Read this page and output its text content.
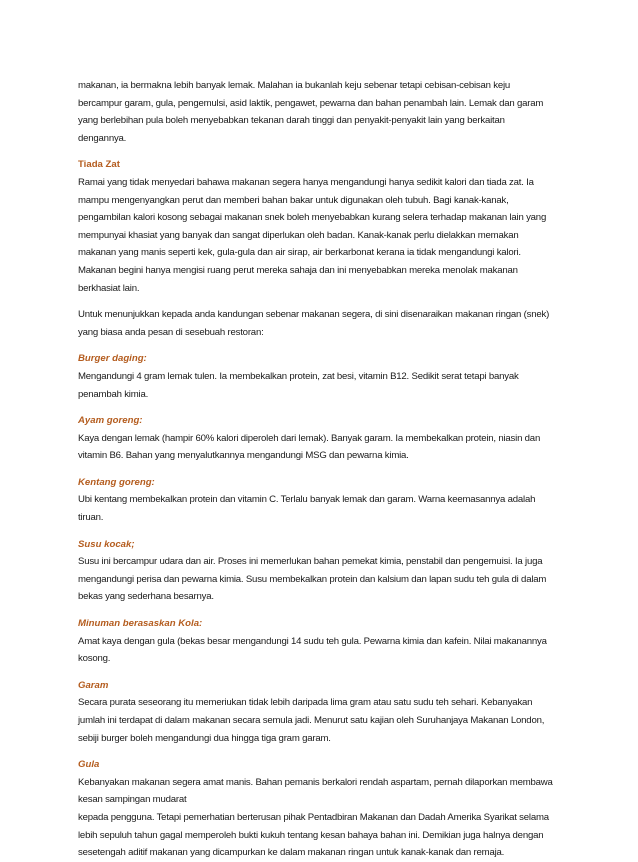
makanan, ia bermakna lebih banyak lemak. Malahan ia bukanlah keju sebenar tetapi cebisan-cebisan keju
bercampur garam, gula, pengemulsi, asid laktik, pengawet, pewarna dan bahan penambah lain. Lemak dan garam
yang berlebihan pula boleh menyebabkan tekanan darah tinggi dan penyakit-penyakit lain yang berkaitan
dengannya.

Tiada Zat

Ramai yang tidak menyedari bahawa makanan segera hanya mengandungi hanya sedikit kalori dan tiada zat. Ia
mampu mengenyangkan perut dan memberi bahan bakar untuk digunakan oleh tubuh. Bagi kanak-kanak,
pengambilan kalori kosong sebagai makanan snek boleh menyebabkan kurang selera terhadap makanan lain yang
mempunyai khasiat yang banyak dan sangat diperlukan oleh badan. Kanak-kanak perlu dielakkan memakan
makanan yang manis seperti kek, gula-gula dan air sirap, air berkarbonat kerana ia tidak mengandungi kalori.
Makanan begini hanya mengisi ruang perut mereka sahaja dan ini menyebabkan mereka menolak makanan
berkhasiat lain.

Untuk menunjukkan kepada anda kandungan sebenar makanan segera, di sini disenaraikan makanan ringan (snek)
yang biasa anda pesan di sesebuah restoran:

Burger daging:

Mengandungi 4 gram lemak tulen. Ia membekalkan protein, zat besi, vitamin B12. Sedikit serat tetapi banyak
penambah kimia.

Ayam goreng:

Kaya dengan lemak (hampir 60% kalori diperoleh dari lemak). Banyak garam. Ia membekalkan protein, niasin dan
vitamin B6. Bahan yang menyalutkannya mengandungi MSG dan pewarna kimia.

Kentang goreng:

Ubi kentang membekalkan protein dan vitamin C. Terlalu banyak lemak dan garam. Warna keemasannya adalah
tiruan.

Susu kocak;

Susu ini bercampur udara dan air. Proses ini memerlukan bahan pemekat kimia, penstabil dan pengemuisi. Ia juga
mengandungi perisa dan pewarna kimia. Susu membekalkan protein dan kalsium dan lapan sudu teh gula di dalam
bekas yang sederhana besarnya.

Minuman berasaskan Kola:

Amat kaya dengan gula (bekas besar mengandungi 14 sudu teh gula. Pewarna kimia dan kafein. Nilai makanannya
kosong.

Garam

Secara purata seseorang itu memeriukan tidak lebih daripada lima gram atau satu sudu teh sehari. Kebanyakan
jumlah ini terdapat di dalam makanan secara semula jadi. Menurut satu kajian oleh Suruhanjaya Makanan London,
sebiji burger boleh mengandungi dua hingga tiga gram garam.

Gula

Kebanyakan makanan segera amat manis. Bahan pemanis berkalori rendah aspartam, pernah dilaporkan membawa
kesan sampingan mudarat
kepada pengguna. Tetapi pemerhatian berterusan pihak Pentadbiran Makanan dan Dadah Amerika Syarikat selama
lebih sepuluh tahun gagal memperoleh bukti kukuh tentang kesan bahaya bahan ini. Demikian juga halnya dengan
sesetengah aditif makanan yang dicampurkan ke dalam makanan ringan untuk kanak-kanak dan remaja.
